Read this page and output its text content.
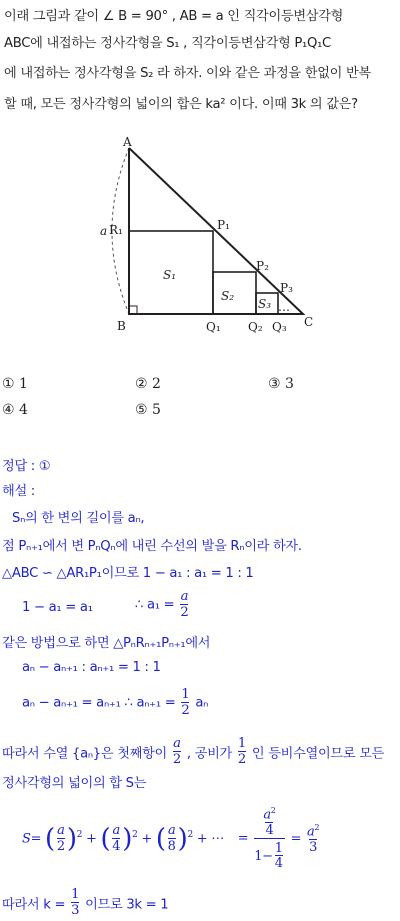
이래 그림과 같이 ∠ B = 90° , AB = a 인 직각이등변삼각형
ABC에 내접하는 정사각형을 S₁ , 직각이등변삼각형 P₁Q₁C
에 내접하는 정사각형을 S₂ 라 하자. 이와 같은 과정을 한없이 반복
할 때, 모든 정사각형의 넓이의 합은 ka² 이다. 이때 3k 의 값은?
A
B	C
a R₁	P₁
P₂
P₃
Q₁ Q₂ Q₃
S₁
S₂
S₃ …
① 1	② 2	③ 3
④ 4	⑤ 5
정답 : ①
해설 :
Sₙ의 한 변의 길이를 aₙ,
점 Pₙ₊₁에서 변 PₙQₙ에 내린 수선의 발을 Rₙ이라 하자.
△ABC ∽ △AR₁P₁이므로 1 − a₁ : a₁ = 1 : 1
1 − a₁ = a₁	∴ $a_1 = \frac{a}{2}$
같은 방법으로 하면 △PₙRₙ₊₁Pₙ₊₁에서
aₙ − aₙ₊₁ : aₙ₊₁ = 1 : 1
aₙ − aₙ₊₁ = aₙ₊₁ ∴ $a_{n+1} = \frac{1}{2}$ aₙ
따라서 수열 {aₙ}은 첫째항이 $\frac{a}{2}$ , 공비가 $\frac{1}{2}$ 인 등비수열이므로 모든
정사각형의 넓이의 합 S는
S= ( $\frac{a}{2} )^2$ + ( $\frac{a}{4} )^2$ + ( $\frac{a}{8} )^2$ + ⋯ = $\frac{\frac{a^2}{4}}{1- \frac{1}{4}} = \frac{a^2}{3}$
따라서 $k = \frac{1}{3}$ 이므로 3k = 1
